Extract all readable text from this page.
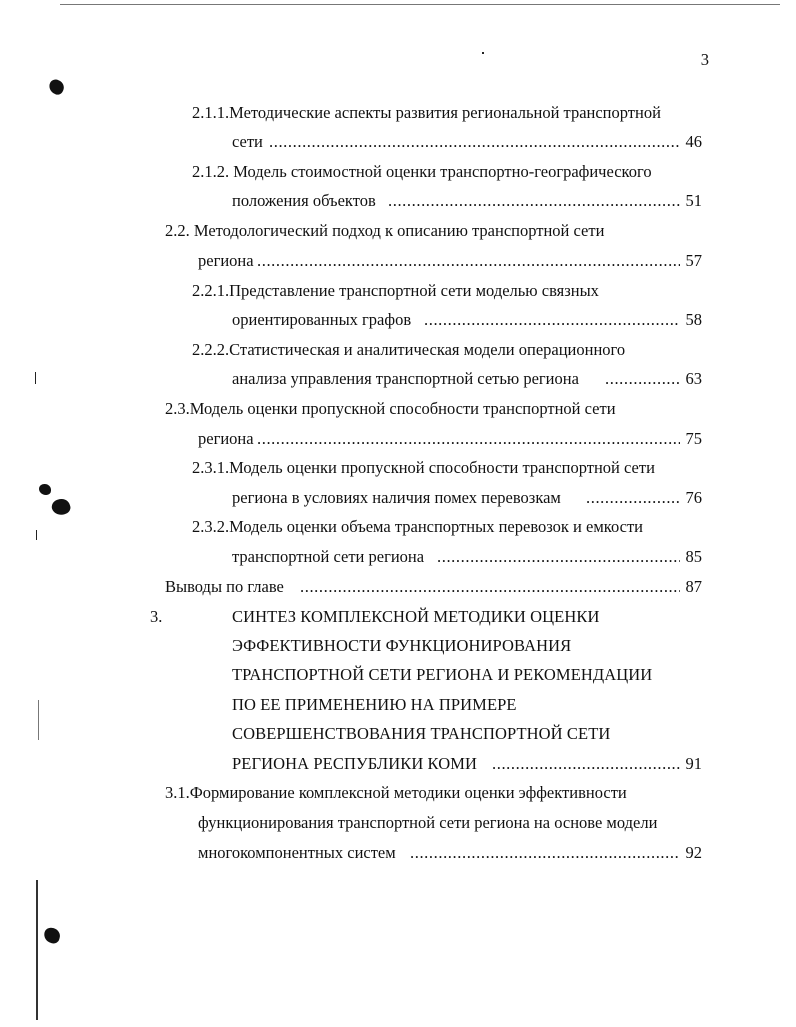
3
2.1.1.Методические аспекты развития региональной транспортной
сети .....	46
2.1.2. Модель стоимостной оценки транспортно-географического
положения объектов .....	51
2.2. Методологический подход к описанию транспортной сети
региона .....	57
2.2.1.Представление транспортной сети моделью связных
ориентированных графов .....	58
2.2.2.Статистическая и аналитическая модели операционного
анализа управления транспортной сетью региона .....	63
2.3.Модель оценки пропускной способности транспортной сети
региона .....	75
2.3.1.Модель оценки пропускной способности транспортной сети
региона в условиях наличия помех перевозкам .....	76
2.3.2.Модель оценки объема транспортных перевозок и емкости
транспортной сети региона .....	85
Выводы по главе .....	87
3.	СИНТЕЗ КОМПЛЕКСНОЙ МЕТОДИКИ ОЦЕНКИ
ЭФФЕКТИВНОСТИ ФУНКЦИОНИРОВАНИЯ
ТРАНСПОРТНОЙ СЕТИ РЕГИОНА И РЕКОМЕНДАЦИИ
ПО ЕЕ ПРИМЕНЕНИЮ НА ПРИМЕРЕ
СОВЕРШЕНСТВОВАНИЯ ТРАНСПОРТНОЙ СЕТИ
РЕГИОНА РЕСПУБЛИКИ КОМИ .....	91
3.1.Формирование комплексной методики оценки эффективности
функционирования транспортной сети региона на основе модели
многокомпонентных систем .....	92
